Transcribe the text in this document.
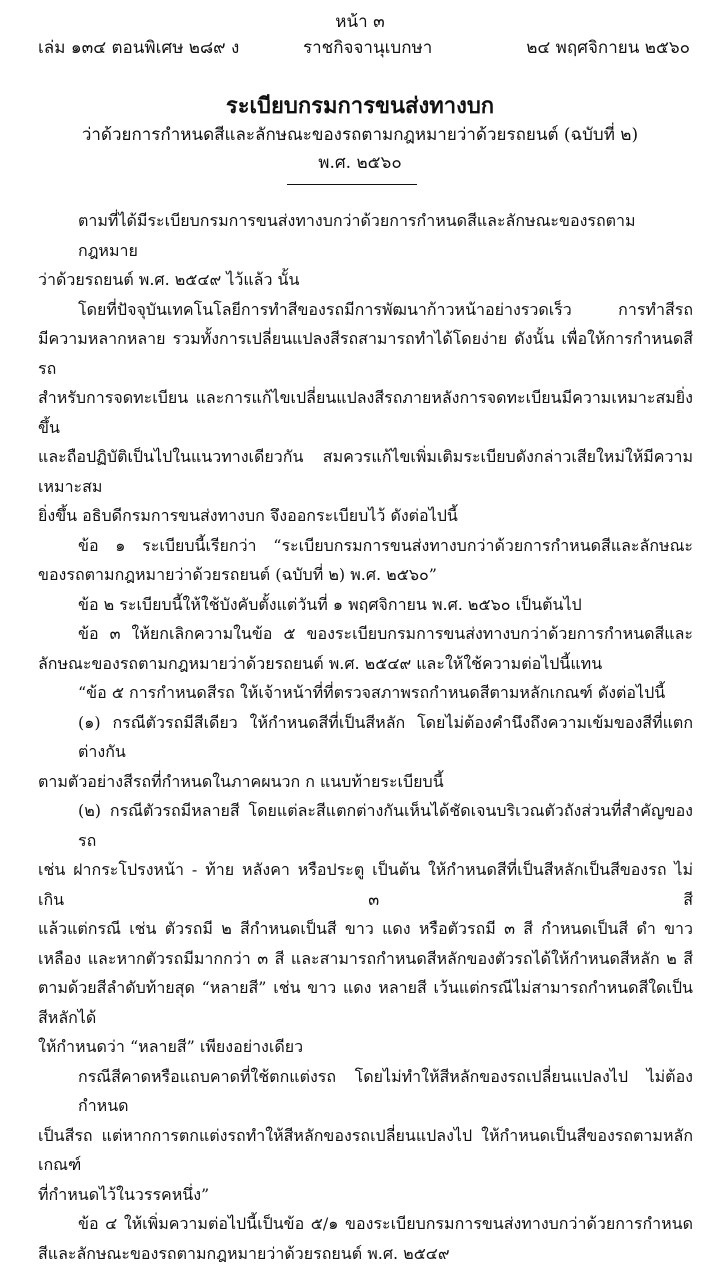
หน้า ๓
เล่ม ๑๓๔ ตอนพิเศษ ๒๘๙ ง	ราชกิจจานุเบกษา	๒๔ พฤศจิกายน ๒๕๖๐
ระเบียบกรมการขนส่งทางบก
ว่าด้วยการกำหนดสีและลักษณะของรถตามกฎหมายว่าด้วยรถยนต์ (ฉบับที่ ๒)
พ.ศ. ๒๕๖๐

ตามที่ได้มีระเบียบกรมการขนส่งทางบกว่าด้วยการกำหนดสีและลักษณะของรถตามกฎหมาย
ว่าด้วยรถยนต์ พ.ศ. ๒๕๔๙ ไว้แล้ว นั้น

โดยที่ปัจจุบันเทคโนโลยีการทำสีของรถมีการพัฒนาก้าวหน้าอย่างรวดเร็ว การทำสีรถ
มีความหลากหลาย รวมทั้งการเปลี่ยนแปลงสีรถสามารถทำได้โดยง่าย ดังนั้น เพื่อให้การกำหนดสีรถ
สำหรับการจดทะเบียน และการแก้ไขเปลี่ยนแปลงสีรถภายหลังการจดทะเบียนมีความเหมาะสมยิ่งขึ้น
และถือปฏิบัติเป็นไปในแนวทางเดียวกัน สมควรแก้ไขเพิ่มเติมระเบียบดังกล่าวเสียใหม่ให้มีความเหมาะสม
ยิ่งขึ้น อธิบดีกรมการขนส่งทางบก จึงออกระเบียบไว้ ดังต่อไปนี้

ข้อ ๑ ระเบียบนี้เรียกว่า “ระเบียบกรมการขนส่งทางบกว่าด้วยการกำหนดสีและลักษณะ
ของรถตามกฎหมายว่าด้วยรถยนต์ (ฉบับที่ ๒) พ.ศ. ๒๕๖๐”

ข้อ ๒ ระเบียบนี้ให้ใช้บังคับตั้งแต่วันที่ ๑ พฤศจิกายน พ.ศ. ๒๕๖๐ เป็นต้นไป

ข้อ ๓ ให้ยกเลิกความในข้อ ๕ ของระเบียบกรมการขนส่งทางบกว่าด้วยการกำหนดสีและ
ลักษณะของรถตามกฎหมายว่าด้วยรถยนต์ พ.ศ. ๒๕๔๙ และให้ใช้ความต่อไปนี้แทน

“ข้อ ๕ การกำหนดสีรถ ให้เจ้าหน้าที่ที่ตรวจสภาพรถกำหนดสีตามหลักเกณฑ์ ดังต่อไปนี้

(๑) กรณีตัวรถมีสีเดียว ให้กำหนดสีที่เป็นสีหลัก โดยไม่ต้องคำนึงถึงความเข้มของสีที่แตกต่างกัน
ตามตัวอย่างสีรถที่กำหนดในภาคผนวก ก แนบท้ายระเบียบนี้

(๒) กรณีตัวรถมีหลายสี โดยแต่ละสีแตกต่างกันเห็นได้ชัดเจนบริเวณตัวถังส่วนที่สำคัญของรถ
เช่น ฝากระโปรงหน้า - ท้าย หลังคา หรือประตู เป็นต้น ให้กำหนดสีที่เป็นสีหลักเป็นสีของรถ ไม่เกิน ๓ สี
แล้วแต่กรณี เช่น ตัวรถมี ๒ สีกำหนดเป็นสี ขาว แดง หรือตัวรถมี ๓ สี กำหนดเป็นสี ดำ ขาว
เหลือง และหากตัวรถมีมากกว่า ๓ สี และสามารถกำหนดสีหลักของตัวรถได้ให้กำหนดสีหลัก ๒ สี
ตามด้วยสีลำดับท้ายสุด “หลายสี” เช่น ขาว แดง หลายสี เว้นแต่กรณีไม่สามารถกำหนดสีใดเป็นสีหลักได้
ให้กำหนดว่า “หลายสี” เพียงอย่างเดียว

กรณีสีคาดหรือแถบคาดที่ใช้ตกแต่งรถ โดยไม่ทำให้สีหลักของรถเปลี่ยนแปลงไป ไม่ต้องกำหนด
เป็นสีรถ แต่หากการตกแต่งรถทำให้สีหลักของรถเปลี่ยนแปลงไป ให้กำหนดเป็นสีของรถตามหลักเกณฑ์
ที่กำหนดไว้ในวรรคหนึ่ง”

ข้อ ๔ ให้เพิ่มความต่อไปนี้เป็นข้อ ๕/๑ ของระเบียบกรมการขนส่งทางบกว่าด้วยการกำหนด
สีและลักษณะของรถตามกฎหมายว่าด้วยรถยนต์ พ.ศ. ๒๕๔๙
